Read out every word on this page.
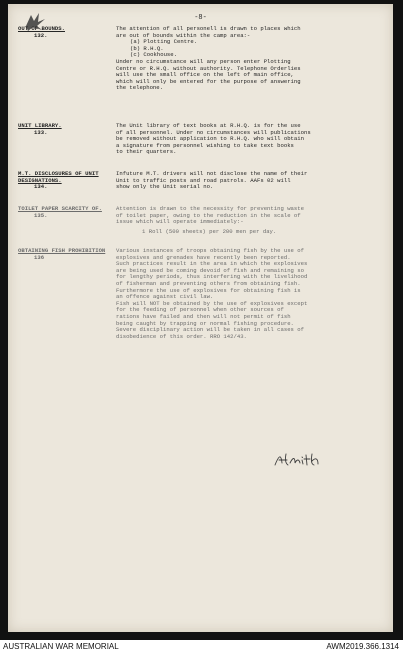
-8-
OUT OF BOUNDS.
132.
The attention of all personell is drawn to places which
are out of bounds within the camp area:-
(a) Plotting Centre.
(b) R.H.Q.
(c) Cookhouse.
Under no circumstance will any person enter Plotting
Centre or R.H.Q. without authority. Telephone Orderlies
will use the small office on the left of main office,
which will only be entered for the purpose of answering
the telephone.
UNIT LIBRARY.
133.
The Unit library of text books at R.H.Q. is for the use
of all personnel. Under no circumstances will publications
be removed without application to R.H.Q. who will obtain
a signature from personnel wishing to take text books
to their quarters.
M.T. DISCLOSURES OF UNIT DESIGNATIONS.
134.
Infuture M.T. drivers will not disclose the name of their
Unit to traffic posts and road patrols. AAFs 02 will
show only the Unit serial no.
TOILET PAPER SCARCITY OF.
135.
Attention is drawn to the necessity for preventing waste
of toilet paper, owing to the reduction in the scale of
issue which will operate immediately:-
1 Roll (500 sheets) per 200 men per day.
OBTAINING FISH PROHIBITION
136
Various instances of troops obtaining fish by the use of
explosives and grenades have recently been reported.
Such practices result in the area in which the explosives
are being used be coming devoid of fish and remaining so
for lengthy periods, thus interfering with the livelihood
of fisherman and preventing others from obtaining fish.
Furthermore the use of explosives for obtaining fish is
an offence against civil law.
Fish will NOT be obtained by the use of explosives except
for the feeding of personnel when other sources of
rations have failed and then will not permit of fish
being caught by trapping or normal fishing procedure.
Severe disciplinary action will be taken in all cases of
disobedience of this order. RRO 142/43.
AUSTRALIAN WAR MEMORIAL	AWM2019.366.1314
